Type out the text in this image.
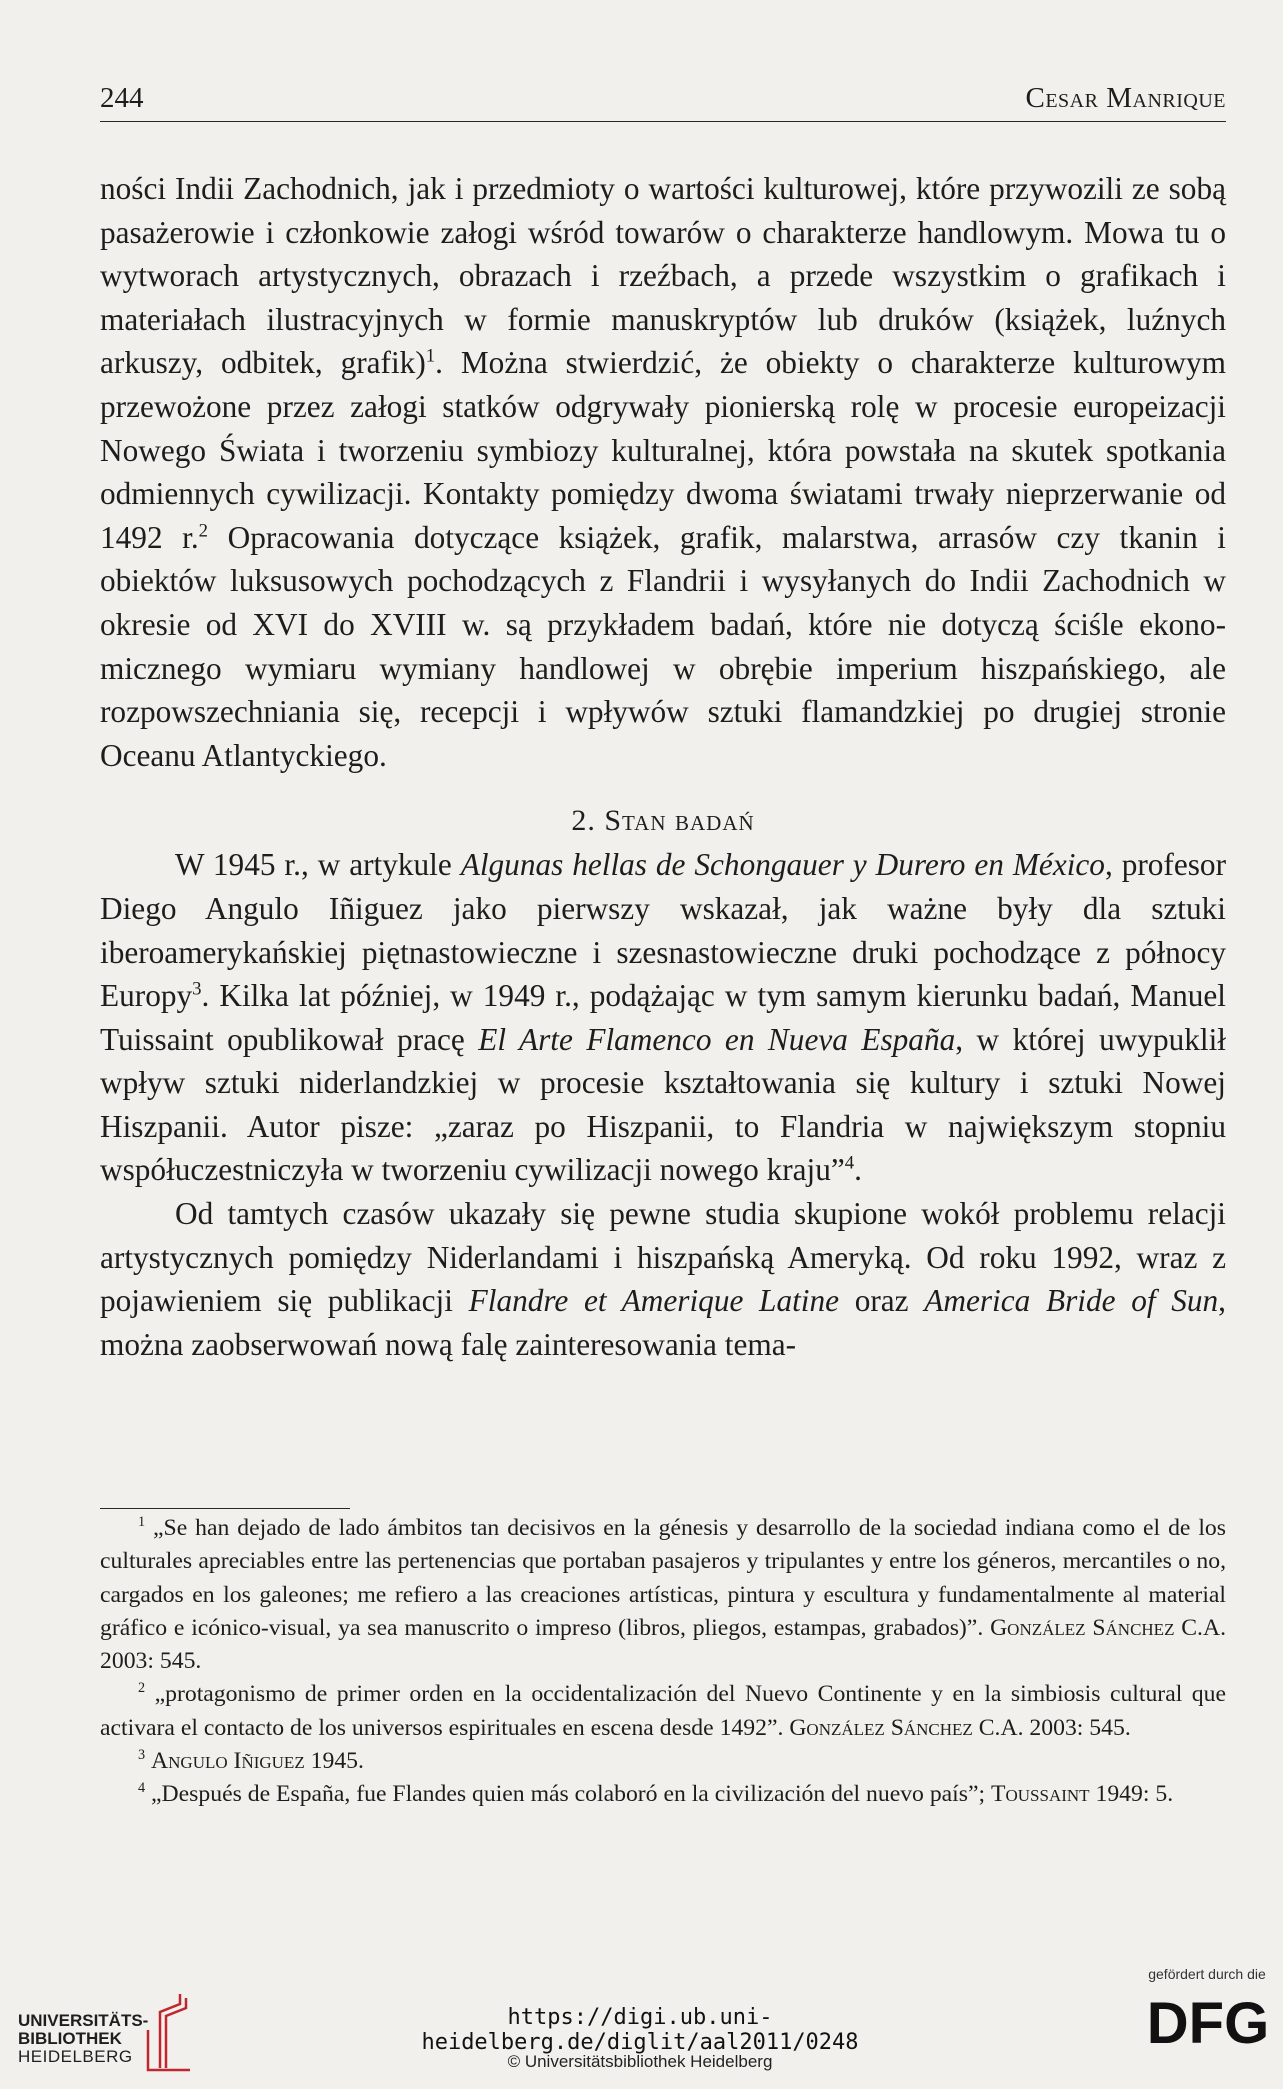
244	Cesar Manrique

ności Indii Zachodnich, jak i przedmioty o wartości kulturowej, które przywozili ze sobą pasażerowie i członkowie załogi wśród towarów o charakterze handlowym. Mowa tu o wytworach artystycznych, obrazach i rzeźbach, a przede wszystkim o grafikach i materiałach ilustracyjnych w formie manuskryptów lub druków (książek, luźnych arkuszy, odbitek, grafik)$^1$. Można stwierdzić, że obiekty o charakterze kulturowym przewożone przez załogi statków odgrywały pionierską rolę w procesie europeizacji Nowego Świata i tworzeniu symbiozy kulturalnej, która powstała na skutek spotkania odmiennych cywilizacji. Kontakty pomiędzy dwoma światami trwały nieprzerwanie od 1492 r.$^2$ Opracowania dotyczące książek, grafik, malarstwa, arrasów czy tkanin i obiektów luksusowych pochodzących z Flandrii i wysyłanych do Indii Zachodnich w okresie od XVI do XVIII w. są przykładem badań, które nie dotyczą ściśle ekonomicznego wymiaru wymiany handlowej w obrębie imperium hiszpańskiego, ale rozpowszechniania się, recepcji i wpływów sztuki flamandzkiej po drugiej stronie Oceanu Atlantyckiego.

2. Stan badań

W 1945 r., w artykule Algunas hellas de Schongauer y Durero en México, profesor Diego Angulo Iñiguez jako pierwszy wskazał, jak ważne były dla sztuki iberoamerykańskiej piętnastowieczne i szesnastowieczne druki pochodzące z północy Europy$^3$. Kilka lat później, w 1949 r., podążając w tym samym kierunku badań, Manuel Tuissaint opublikował pracę El Arte Flamenco en Nueva España, w której uwypuklił wpływ sztuki niderlandzkiej w procesie kształtowania się kultury i sztuki Nowej Hiszpanii. Autor pisze: „zaraz po Hiszpanii, to Flandria w największym stopniu współuczestniczyła w tworzeniu cywilizacji nowego kraju”$^4$.

Od tamtych czasów ukazały się pewne studia skupione wokół problemu relacji artystycznych pomiędzy Niderlandami i hiszpańską Ameryką. Od roku 1992, wraz z pojawieniem się publikacji Flandre et Amerique Latine oraz America Bride of Sun, można zaobserwowań nową falę zainteresowania tema-

$^1$ „Se han dejado de lado ámbitos tan decisivos en la génesis y desarrollo de la sociedad indiana como el de los culturales apreciables entre las pertenencias que portaban pasajeros y tripulantes y entre los géneros, mercantiles o no, cargados en los galeones; me refiero a las creaciones artísticas, pintura y escultura y fundamentalmente al material gráfico e icónico-visual, ya sea manuscrito o impreso (libros, pliegos, estampas, grabados)”. González Sánchez C.A. 2003: 545.

$^2$ „protagonismo de primer orden en la occidentalización del Nuevo Continente y en la simbiosis cultural que activara el contacto de los universos espirituales en escena desde 1492”. González Sánchez C.A. 2003: 545.

$^3$ Angulo Iñiguez 1945.

$^4$ „Después de España, fue Flandes quien más colaboró en la civilización del nuevo país”; Toussaint 1949: 5.

UNIVERSITÄTS-
BIBLIOTHEK
HEIDELBERG
https://digi.ub.uni-heidelberg.de/diglit/aal2011/0248
© Universitätsbibliothek Heidelberg
gefördert durch die
DFG
